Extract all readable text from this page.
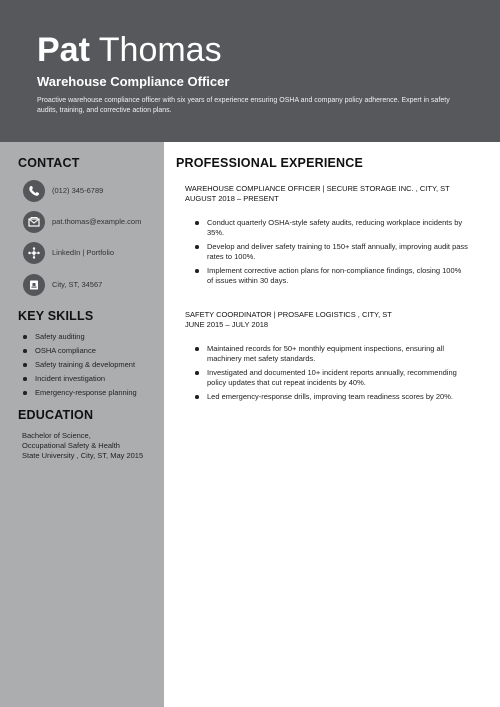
Pat Thomas
Warehouse Compliance Officer
Proactive warehouse compliance officer with six years of experience ensuring OSHA and company policy adherence. Expert in safety audits, training, and corrective action plans.
CONTACT
(012) 345-6789
pat.thomas@example.com
LinkedIn | Portfolio
City, ST, 34567
KEY SKILLS
Safety auditing
OSHA compliance
Safety training & development
Incident investigation
Emergency-response planning
EDUCATION
Bachelor of Science,
Occupational Safety & Health
State University , City, ST, May 2015
PROFESSIONAL EXPERIENCE
WAREHOUSE COMPLIANCE OFFICER | SECURE STORAGE INC. , CITY, ST
AUGUST 2018 – PRESENT
Conduct quarterly OSHA-style safety audits, reducing workplace incidents by 35%.
Develop and deliver safety training to 150+ staff annually, improving audit pass rates to 100%.
Implement corrective action plans for non-compliance findings, closing 100% of issues within 30 days.
SAFETY COORDINATOR | PROSAFE LOGISTICS , CITY, ST
JUNE 2015 – JULY 2018
Maintained records for 50+ monthly equipment inspections, ensuring all machinery met safety standards.
Investigated and documented 10+ incident reports annually, recommending policy updates that cut repeat incidents by 40%.
Led emergency-response drills, improving team readiness scores by 20%.
